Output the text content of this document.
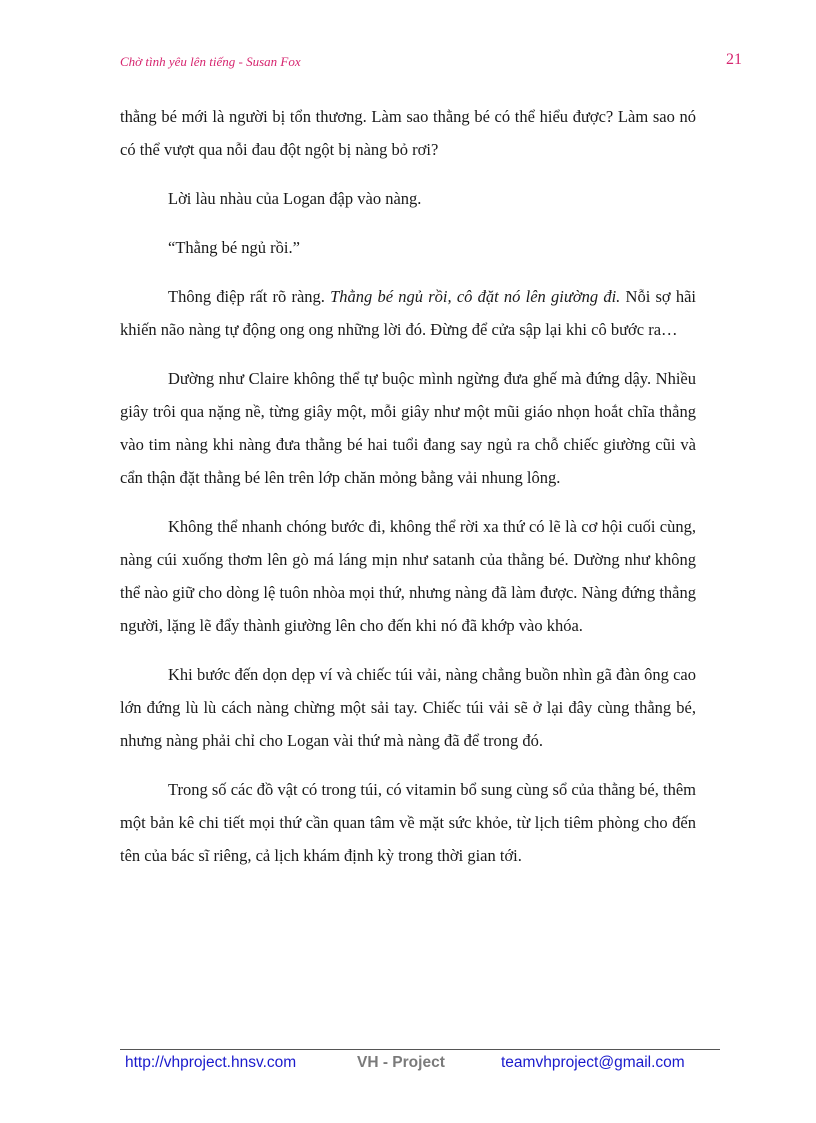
Chờ tình yêu lên tiếng - Susan Fox	21

thằng bé mới là người bị tổn thương. Làm sao thằng bé có thể hiểu được? Làm sao nó có thể vượt qua nỗi đau đột ngột bị nàng bỏ rơi?

Lời làu nhàu của Logan đập vào nàng.

“Thằng bé ngủ rồi.”

Thông điệp rất rõ ràng. Thằng bé ngủ rồi, cô đặt nó lên giường đi. Nỗi sợ hãi khiến não nàng tự động ong ong những lời đó. Đừng để cửa sập lại khi cô bước ra…

Dường như Claire không thể tự buộc mình ngừng đưa ghế mà đứng dậy. Nhiều giây trôi qua nặng nề, từng giây một, mỗi giây như một mũi giáo nhọn hoắt chĩa thẳng vào tim nàng khi nàng đưa thằng bé hai tuổi đang say ngủ ra chỗ chiếc giường cũi và cẩn thận đặt thằng bé lên trên lớp chăn mỏng bằng vải nhung lông.

Không thể nhanh chóng bước đi, không thể rời xa thứ có lẽ là cơ hội cuối cùng, nàng cúi xuống thơm lên gò má láng mịn như satanh của thằng bé. Dường như không thể nào giữ cho dòng lệ tuôn nhòa mọi thứ, nhưng nàng đã làm được. Nàng đứng thẳng người, lặng lẽ đẩy thành giường lên cho đến khi nó đã khớp vào khóa.

Khi bước đến dọn dẹp ví và chiếc túi vải, nàng chẳng buồn nhìn gã đàn ông cao lớn đứng lù lù cách nàng chừng một sải tay. Chiếc túi vải sẽ ở lại đây cùng thằng bé, nhưng nàng phải chỉ cho Logan vài thứ mà nàng đã để trong đó.

Trong số các đồ vật có trong túi, có vitamin bổ sung cùng sổ của thằng bé, thêm một bản kê chi tiết mọi thứ cần quan tâm về mặt sức khỏe, từ lịch tiêm phòng cho đến tên của bác sĩ riêng, cả lịch khám định kỳ trong thời gian tới.

http://vhproject.hnsv.com	VH - Project	teamvhproject@gmail.com
